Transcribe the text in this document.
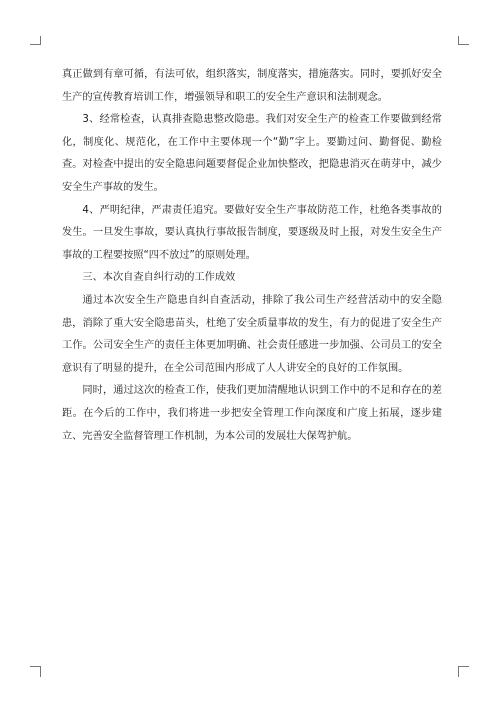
真正做到有章可循，有法可依，组织落实，制度落实，措施落实。同时，要抓好安全生产的宣传教育培训工作，增强领导和职工的安全生产意识和法制观念。

3、经常检查，认真排查隐患整改隐患。我们对安全生产的检查工作要做到经常化，制度化、规范化，在工作中主要体现一个“勤”字上。要勤过问、勤督促、勤检查。对检查中提出的安全隐患问题要督促企业加快整改，把隐患消灭在萌芽中，减少安全生产事故的发生。

4、严明纪律，严肃责任追究。要做好安全生产事故防范工作，杜绝各类事故的发生。一旦发生事故，要认真执行事故报告制度，要逐级及时上报，对发生安全生产事故的工程要按照“四不放过”的原则处理。

三、本次自查自纠行动的工作成效

通过本次安全生产隐患自纠自查活动，排除了我公司生产经营活动中的安全隐患，消除了重大安全隐患苗头，杜绝了安全质量事故的发生，有力的促进了安全生产工作。公司安全生产的责任主体更加明确、社会责任感进一步加强、公司员工的安全意识有了明显的提升，在全公司范围内形成了人人讲安全的良好的工作氛围。

同时，通过这次的检查工作，使我们更加清醒地认识到工作中的不足和存在的差距。在今后的工作中，我们将进一步把安全管理工作向深度和广度上拓展，逐步建立、完善安全监督管理工作机制，为本公司的发展壮大保驾护航。
